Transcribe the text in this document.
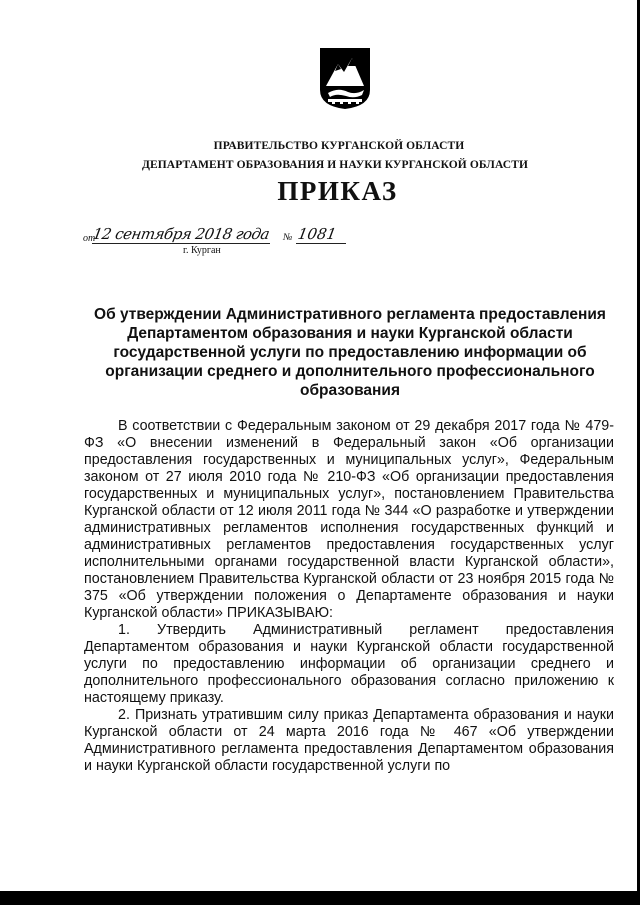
ПРАВИТЕЛЬСТВО КУРГАНСКОЙ ОБЛАСТИ
ДЕПАРТАМЕНТ ОБРАЗОВАНИЯ И НАУКИ КУРГАНСКОЙ ОБЛАСТИ
ПРИКАЗ
от
12 сентября 2018 года № 1081
г. Курган
Об утверждении Административного регламента предоставления Департаментом образования и науки Курганской области государственной услуги по предоставлению информации об организации среднего и дополнительного профессионального образования

В соответствии с Федеральным законом от 29 декабря 2017 года № 479-ФЗ «О внесении изменений в Федеральный закон «Об организации предоставления государственных и муниципальных услуг», Федеральным законом от 27 июля 2010 года № 210-ФЗ «Об организации предоставления государственных и муниципальных услуг», постановлением Правительства Курганской области от 12 июля 2011 года № 344 «О разработке и утверждении административных регламентов исполнения государственных функций и административных регламентов предоставления государственных услуг исполнительными органами государственной власти Курганской области», постановлением Правительства Курганской области от 23 ноября 2015 года № 375 «Об утверждении положения о Департаменте образования и науки Курганской области» ПРИКАЗЫВАЮ:

1. Утвердить Административный регламент предоставления Департаментом образования и науки Курганской области государственной услуги по предоставлению информации об организации среднего и дополнительного профессионального образования согласно приложению к настоящему приказу.

2. Признать утратившим силу приказ Департамента образования и науки Курганской области от 24 марта 2016 года № 467 «Об утверждении Административного регламента предоставления Департаментом образования и науки Курганской области государственной услуги по
